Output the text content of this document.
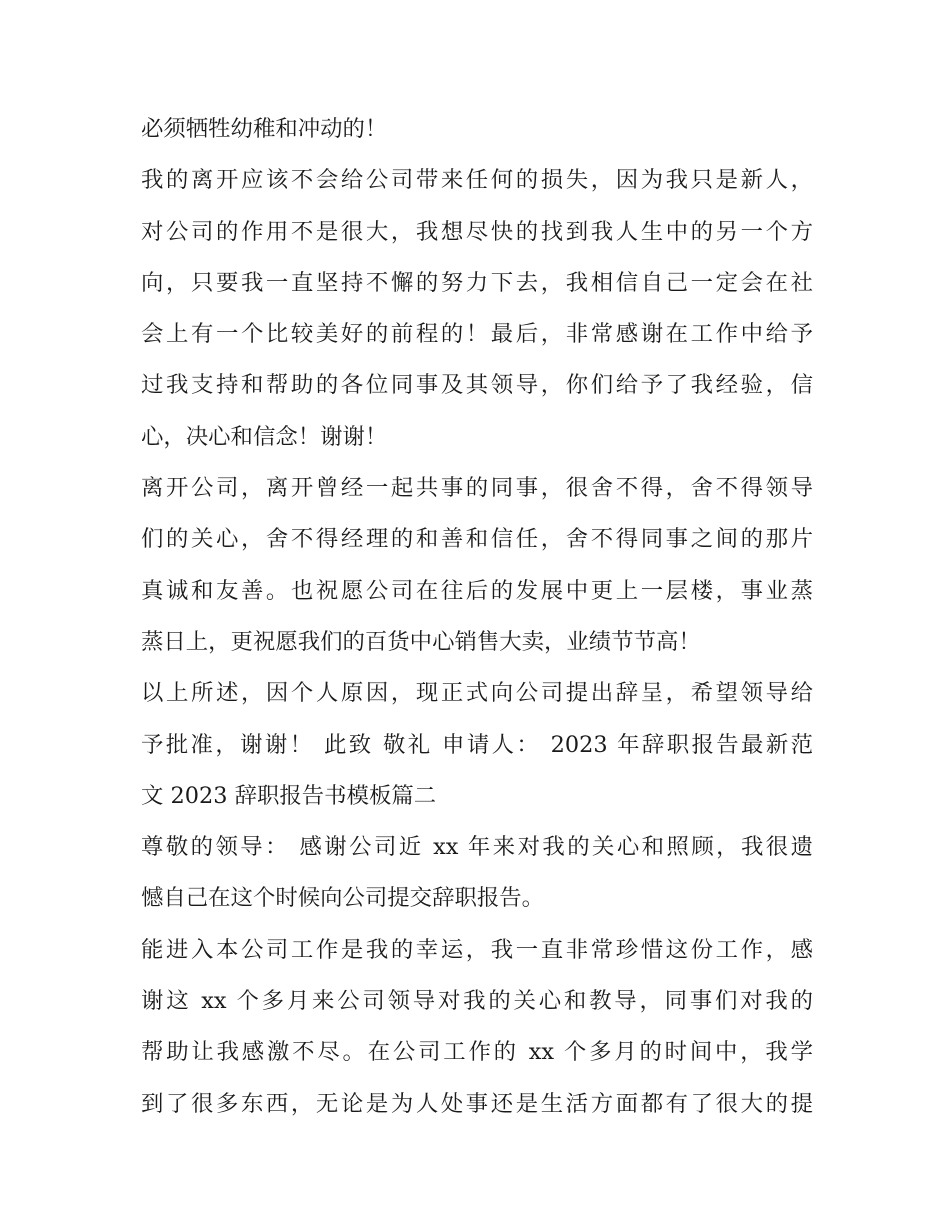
必须牺牲幼稚和冲动的！
我的离开应该不会给公司带来任何的损失，因为我只是新人，
对公司的作用不是很大，我想尽快的找到我人生中的另一个方
向，只要我一直坚持不懈的努力下去，我相信自己一定会在社
会上有一个比较美好的前程的！最后，非常感谢在工作中给予
过我支持和帮助的各位同事及其领导，你们给予了我经验，信
心，决心和信念！谢谢！
离开公司，离开曾经一起共事的同事，很舍不得，舍不得领导
们的关心，舍不得经理的和善和信任，舍不得同事之间的那片
真诚和友善。也祝愿公司在往后的发展中更上一层楼，事业蒸
蒸日上，更祝愿我们的百货中心销售大卖，业绩节节高！
以上所述，因个人原因，现正式向公司提出辞呈，希望领导给
予批准，谢谢！ 此致 敬礼 申请人： 2023 年辞职报告最新范
文 2023 辞职报告书模板篇二
尊敬的领导： 感谢公司近 xx 年来对我的关心和照顾，我很遗
憾自己在这个时候向公司提交辞职报告。
能进入本公司工作是我的幸运，我一直非常珍惜这份工作，感
谢这 xx 个多月来公司领导对我的关心和教导，同事们对我的
帮助让我感激不尽。在公司工作的 xx 个多月的时间中，我学
到了很多东西，无论是为人处事还是生活方面都有了很大的提
